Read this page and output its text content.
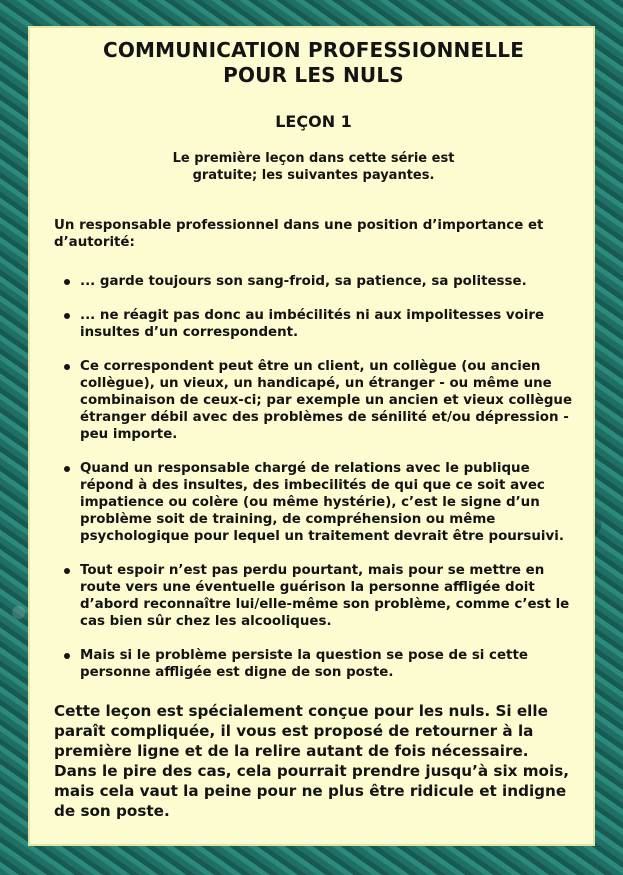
COMMUNICATION PROFESSIONNELLE
POUR LES NULS

LEÇON 1

Le première leçon dans cette série est
gratuite; les suivantes payantes.

Un responsable professionnel dans une position d’importance et d’autorité:

... garde toujours son sang-froid, sa patience, sa politesse.
... ne réagit pas donc au imbécilités ni aux impolitesses voire insultes d’un correspondent.
Ce correspondent peut être un client, un collègue (ou ancien collègue), un vieux, un handicapé, un étranger - ou même une combinaison de ceux-ci; par exemple un ancien et vieux collègue étranger débil avec des problèmes de sénilité et/ou dépression - peu importe.
Quand un responsable chargé de relations avec le publique répond à des insultes, des imbecilités de qui que ce soit avec impatience ou colère (ou même hystérie), c’est le signe d’un problème soit de training, de compréhension ou même psychologique pour lequel un traitement devrait être poursuivi.
Tout espoir n’est pas perdu pourtant, mais pour se mettre en route vers une éventuelle guérison la personne affligée doit d’abord reconnaître lui/elle-même son problème, comme c’est le cas bien sûr chez les alcooliques.
Mais si le problème persiste la question se pose de si cette personne affligée est digne de son poste.

Cette leçon est spécialement conçue pour les nuls. Si elle paraît compliquée, il vous est proposé de retourner à la première ligne et de la relire autant de fois nécessaire. Dans le pire des cas, cela pourrait prendre jusqu’à six mois, mais cela vaut la peine pour ne plus être ridicule et indigne de son poste.
